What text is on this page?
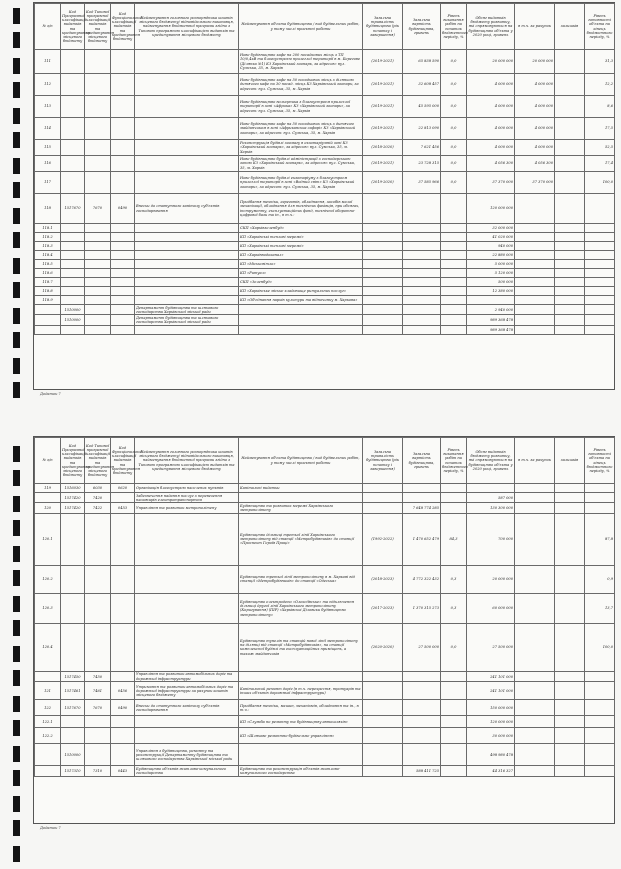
№ з/п	Код Програмної класифікації видатків та кредитування місцевого бюджету	Код Типової програмної класифікації видатків та кредитування місцевого бюджету	Код Функціональної класифікації видатків та кредитування бюджету	Найменування головного розпорядника коштів місцевого бюджету/ відповідального виконавця, найменування бюджетної програми згідно з Типовою програмною класифікацією видатків та кредитування місцевого бюджету	Найменування об'єкта будівництва / вид будівельних робіт, у тому числі проектні роботи	Загальна тривалість будівництва (рік початку і завершення)	Загальна вартість будівництва, гривень	Рівень виконання робіт на початок бюджетного періоду, %	Обсяг видатків бюджету розвитку, які спрямовуються на будівництво об'єкта у 2020 році, гривень	в т.ч. за рахунок	залишків	Рівень готовності об'єкта на кінець бюджетного періоду, %
111					Нове будівництво кафе на 200 посадкових місць з ТП 10/0,4кВ та благоустроєм прилеглої території в м. Берегове (Ділянка №1) КЗ Харківський зоопарк, за адресою: вул. Сумська, 35, м. Харків	(2019-2021)	65 838 590	0,0	20 000 000	20 000 000		31,3
112					Нове будівництво кафе на 50 посадкових місць з ділянкою дитячого кафе на 30 посад. місць КЗ Харківський зоопарк, за адресою: вул. Сумська, 35, м. Харків	(2019-2021)	32 608 457	0,0	4 000 000	4 000 000		12,2
113					Нове будівництво вольєрника з благоустроєм прилеглої території в зоні «Африка» КЗ «Харківський зоопарк», за адресою: вул. Сумська, 35, м. Харків	(2019-2021)	45 595 000	0,0	4 000 000	4 000 000		8,6
114					Нове будівництво кафе на 50 посадкових місць з дитячим майданчиком в зоні «Африканська сафарі» КЗ «Харківський зоопарк», за адресою: вул. Сумська, 35, м. Харків	(2019-2021)	22 813 090	0,0	4 000 000	4 000 000		17,5
115					Реконструкція будівлі зоомагу в екзотаріумній зоні КЗ «Харківський зоопарк», за адресою: вул. Сумська, 35, м. Харків	(2018-2020)	7 621 456	0,0	4 000 000	4 000 000		52,5
116					Нове будівництво будівлі адміністрації з господарською зоною КЗ «Харківський зоопарк», за адресою: вул. Сумська, 35, м. Харків	(2019-2021)	23 728 315	0,0	4 056 300	4 056 300		17,4
117					Нове будівництво будівлі екзотаріуму з благоустроєм прилеглої території в зоні «Водний світ» КЗ «Харківський зоопарк», за адресою: вул. Сумська, 35, м. Харків	(2019-2020)	37 585 966	0,0	37 370 000	37 370 000		100,0
118	1517670	7670	0490	Внески до статутного капіталу суб'єктів господарювання	Придбання техніки, агрегатів, обладнання, засобів малої механізації, обладнання для технічних фахівців, при обсягах, інструменту, експлуатаційних фонд, технічної оборотно-цифрової бази та ін., в т.ч.:				120 000 000			
118.1					СКП «Харківзеленбуд»				32 000 000			
118.2					КП «Харківські теплові мережі»				41 020 000			
118.3					КП «Харківські теплові мережі»				940 000			
118.4					КП «Харківводоканал»				22 880 000			
118.5					КП «Міськсвітло»				5 000 000			
118.6					КП «Ритуал»				5 120 000			
118.7					СКП «Зеленбуд»				500 000			
118.8					КП «Харківське міське кладовище ритуальних послуг»				12 380 000			
118.9					КП «Об'єднання парків культури та відпочинку м. Харкова»							
	1510000			Департамент будівництва та шляхового господарства Харківської міської ради					2 940 000			
	1510000			Департамент будівництва та шляхового господарства Харківської міської ради					989 368 478			
									989 368 478			
Додаток 7
№ з/п	Код Програмної класифікації видатків та кредитування місцевого бюджету	Код Типової програмної класифікації видатків та кредитування місцевого бюджету	Код Функціональної класифікації видатків та кредитування бюджету	Найменування головного розпорядника коштів місцевого бюджету/ відповідального виконавця, найменування бюджетної програми згідно з Типовою програмною класифікацією видатків та кредитування місцевого бюджету	Найменування об'єкта будівництва / вид будівельних робіт, у тому числі проектні роботи	Загальна тривалість будівництва (рік початку і завершення)	Загальна вартість будівництва, гривень	Рівень виконання робіт на початок бюджетного періоду, %	Обсяг видатків бюджету розвитку, які спрямовуються на будівництво об'єкта у 2020 році, гривень	в т.ч. за рахунок	залишків	Рівень готовності об'єкта на кінець бюджетного періоду, %
119	1516030	6030	0620	Організація благоустрою населених пунктів	Капітальні видатки							
	1517420	7420		Забезпечення надання послуг з перевезення пасажирів електротранспортом					587 000			
120	1517420	7422	0453	Управління та розвиток метрополітену	Будівництво та розвиток мережі Харківського метрополітену		7 648 774 285		130 300 000			
120.1					Будівництво дільниці третьої лінії Харківського метрополітену від станції «Метробудівників» до станції «Проспект Героїв Праці»	(1992-2022)	1 470 652 479	84,3	700 000			87,8
120.2					Будівництво третьої лінії метрополітену в м. Харкові від станції «Метробудівників» до станції «Одеська»	(2018-2023)	4 772 322 432	0,3	20 000 000			0,9
120.3					Будівництво електродепо «Олексіївське» та підключення дільниці другої лінії Харківського метрополітену (Коригування) (ПІР) «Харківські Діловики будівництво метрополітену»	(2017-2023)	1 370 315 273	0,3	60 000 000			13,7
120.4					Будівництво тунелів та станцій нової лінії метрополітену на ділянці від станції «Метробудівників», на станції комплексної будівлі та експлуатаційних приміщень, а також майданчиків	(2020-2020)	27 500 000	0,0	27 500 000			100,0
	1517450	7450		Управління та розвиток автомобільних доріг та дорожньої інфраструктури					241 101 000			
121	1517461	7461	0456	Утримання та розвиток автомобільних доріг та дорожньої інфраструктури за рахунок коштів місцевого бюджету	Капітальний ремонт доріг (в т.ч. перехрестя, тротуарів та інших об'єктів дорожньої інфраструктури)				241 101 000			
122	1517670	7670	0490	Внески до статутного капіталу суб'єктів господарювання	Придбання техніки, машин, механізмів, обладнання та ін., в т.ч.:				150 000 000			
122.1					КП «Служба по ремонту та будівництву автошляхів»				120 000 000			
122.2					КП «Шляхове ремонтно-будівельне управління»				30 000 000			
	1510000			Управління з будівництва, ремонту та реконструкції Департаменту будівництва та шляхового господарства Харківської міської ради					498 980 478			
	1517310	7310	0443	Будівництво об'єктів житлово-комунального господарства	Будівництво та реконструкція об'єктів житлово-комунального господарства		588 411 725		44 316 327			
Додаток 7
